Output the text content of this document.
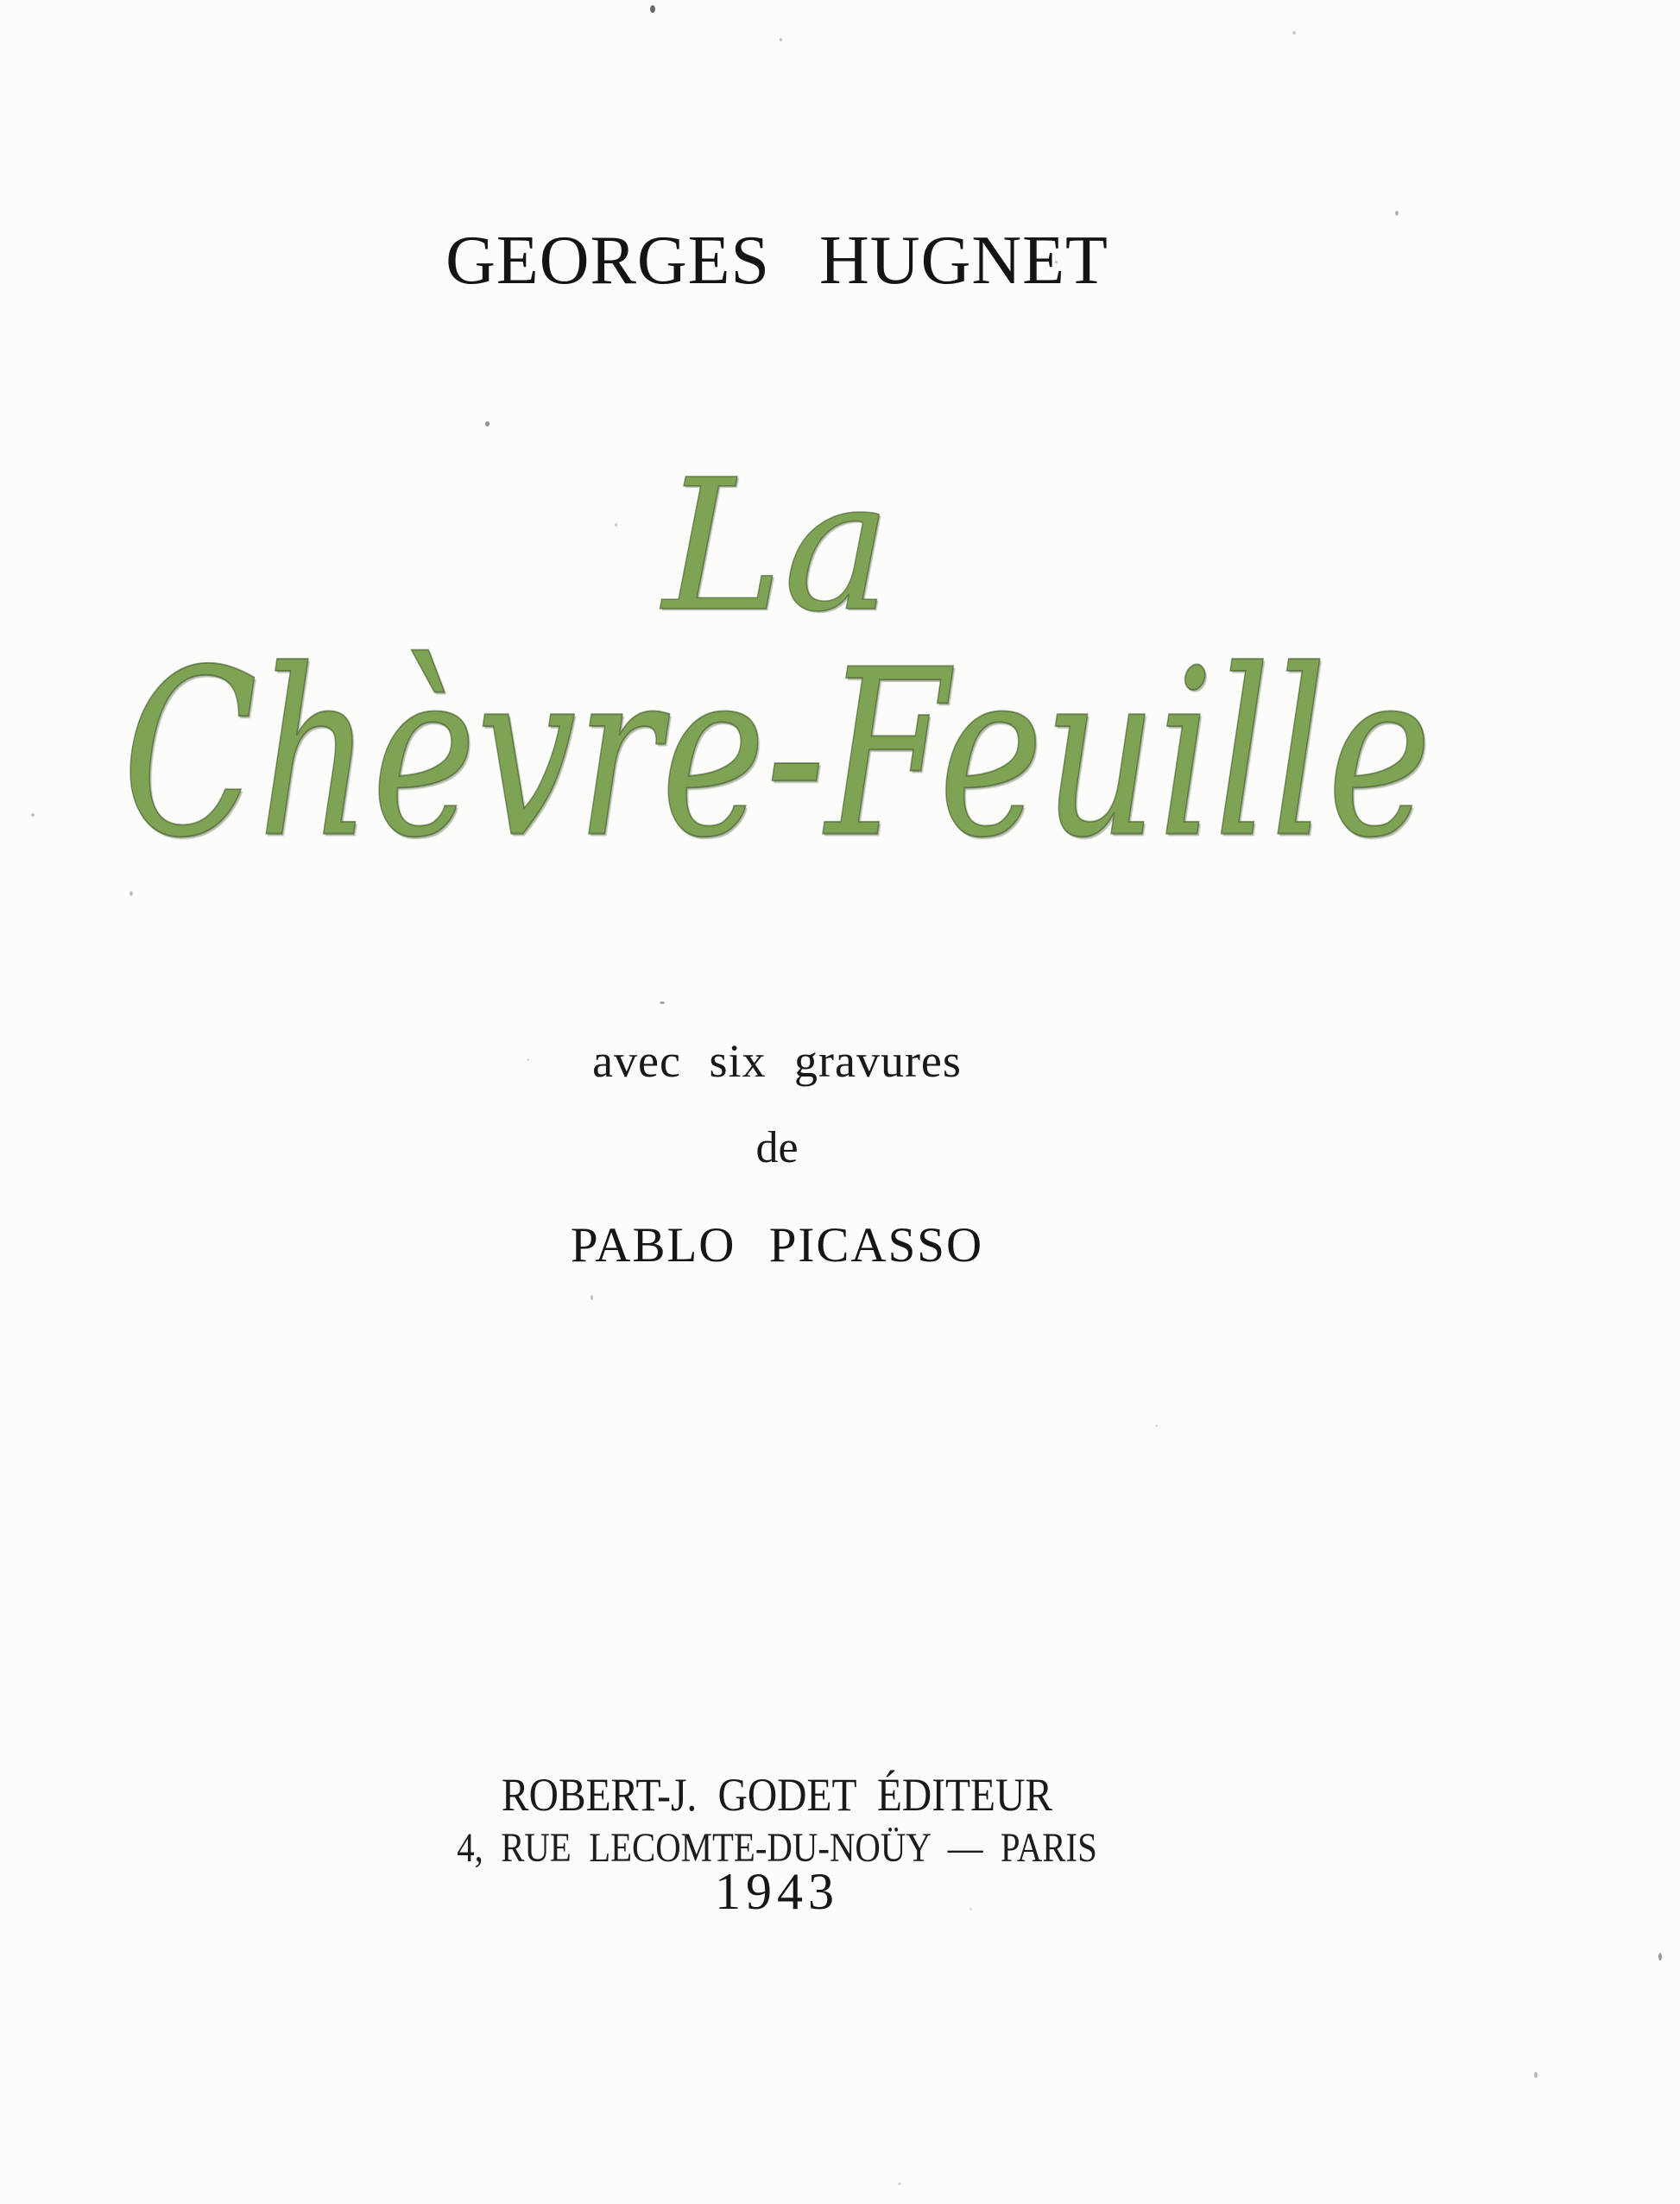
GEORGES HUGNET
La
Chèvre-Feuille
avec six gravures
de
PABLO PICASSO
ROBERT-J. GODET ÉDITEUR
4, RUE LECOMTE-DU-NOÜY — PARIS
1943
